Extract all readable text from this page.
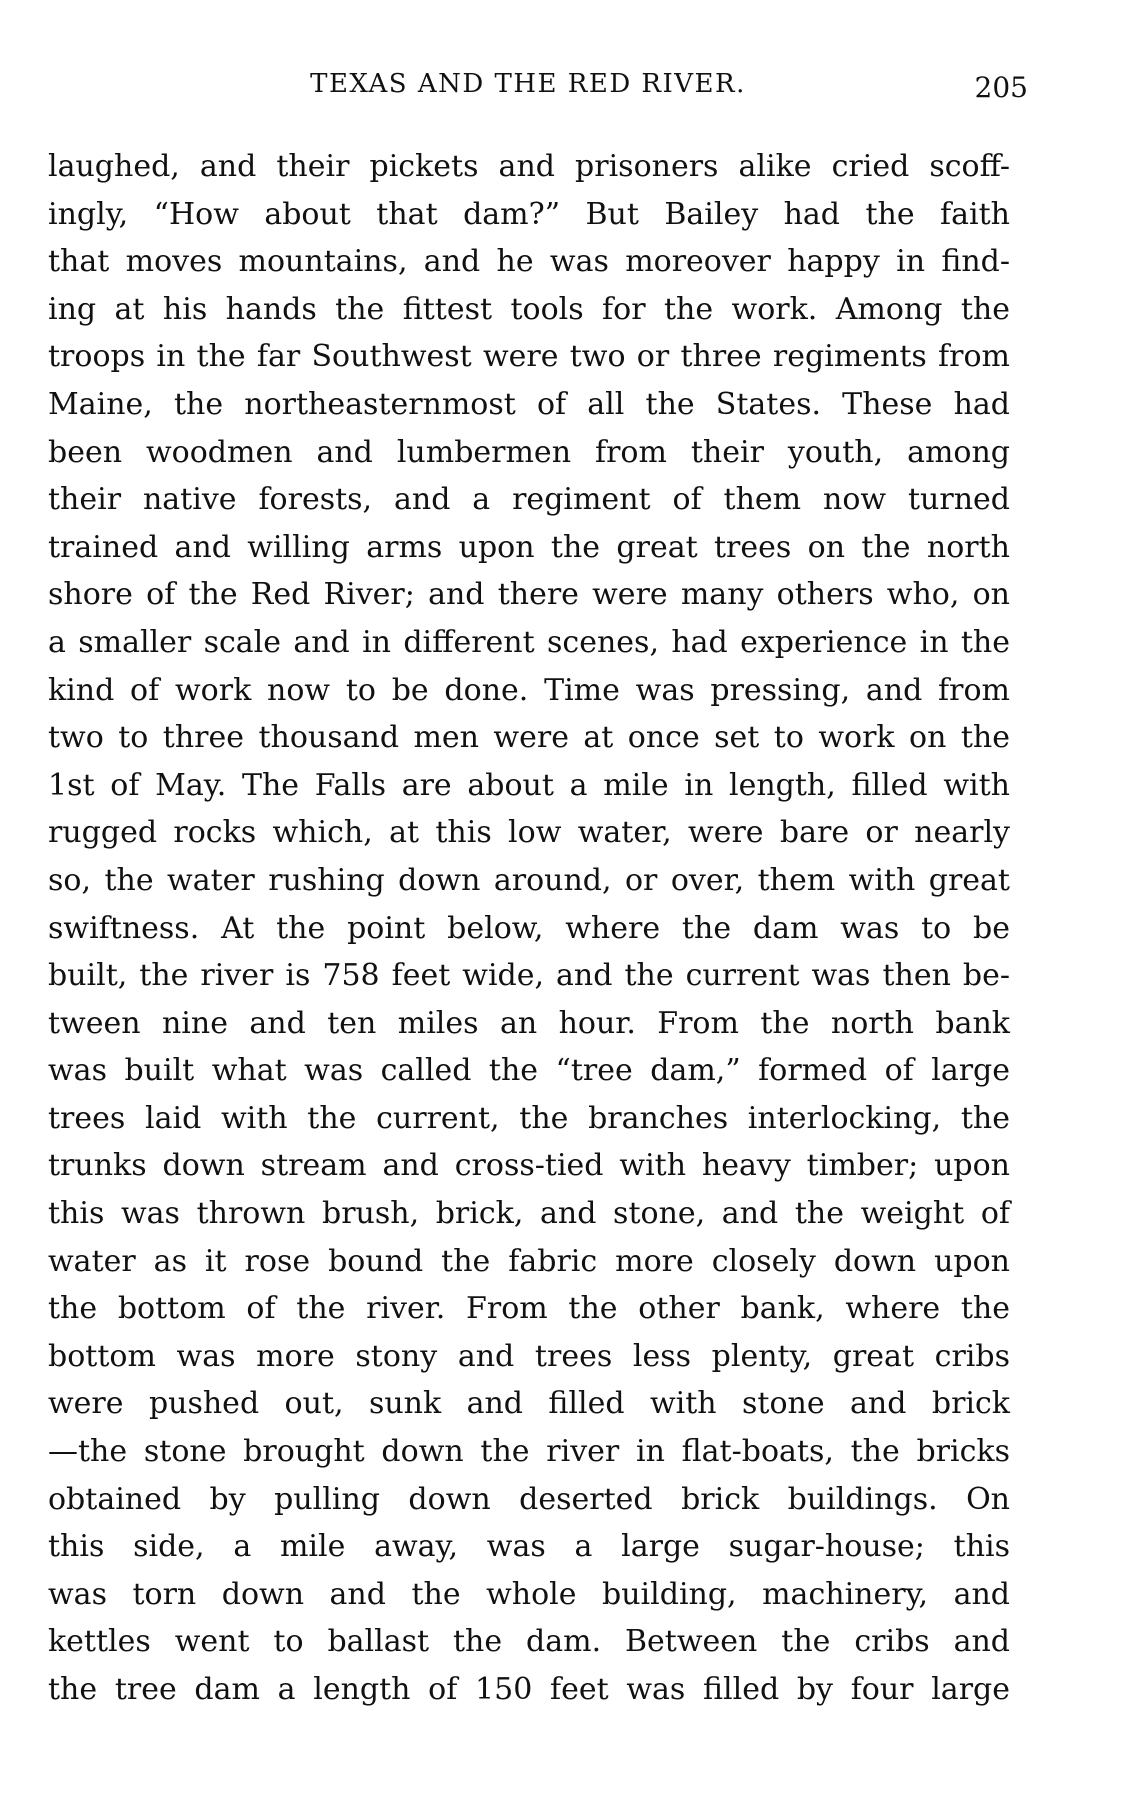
TEXAS AND THE RED RIVER.	205
laughed, and their pickets and prisoners alike cried scoff-
ingly, “How about that dam?” But Bailey had the faith
that moves mountains, and he was moreover happy in find-
ing at his hands the fittest tools for the work. Among the
troops in the far Southwest were two or three regiments from
Maine, the northeasternmost of all the States. These had
been woodmen and lumbermen from their youth, among
their native forests, and a regiment of them now turned
trained and willing arms upon the great trees on the north
shore of the Red River; and there were many others who, on
a smaller scale and in different scenes, had experience in the
kind of work now to be done. Time was pressing, and from
two to three thousand men were at once set to work on the
1st of May. The Falls are about a mile in length, filled with
rugged rocks which, at this low water, were bare or nearly
so, the water rushing down around, or over, them with great
swiftness. At the point below, where the dam was to be
built, the river is 758 feet wide, and the current was then be-
tween nine and ten miles an hour. From the north bank
was built what was called the “tree dam,” formed of large
trees laid with the current, the branches interlocking, the
trunks down stream and cross-tied with heavy timber; upon
this was thrown brush, brick, and stone, and the weight of
water as it rose bound the fabric more closely down upon
the bottom of the river. From the other bank, where the
bottom was more stony and trees less plenty, great cribs
were pushed out, sunk and filled with stone and brick
—the stone brought down the river in flat-boats, the bricks
obtained by pulling down deserted brick buildings. On
this side, a mile away, was a large sugar-house; this
was torn down and the whole building, machinery, and
kettles went to ballast the dam. Between the cribs and
the tree dam a length of 150 feet was filled by four large
